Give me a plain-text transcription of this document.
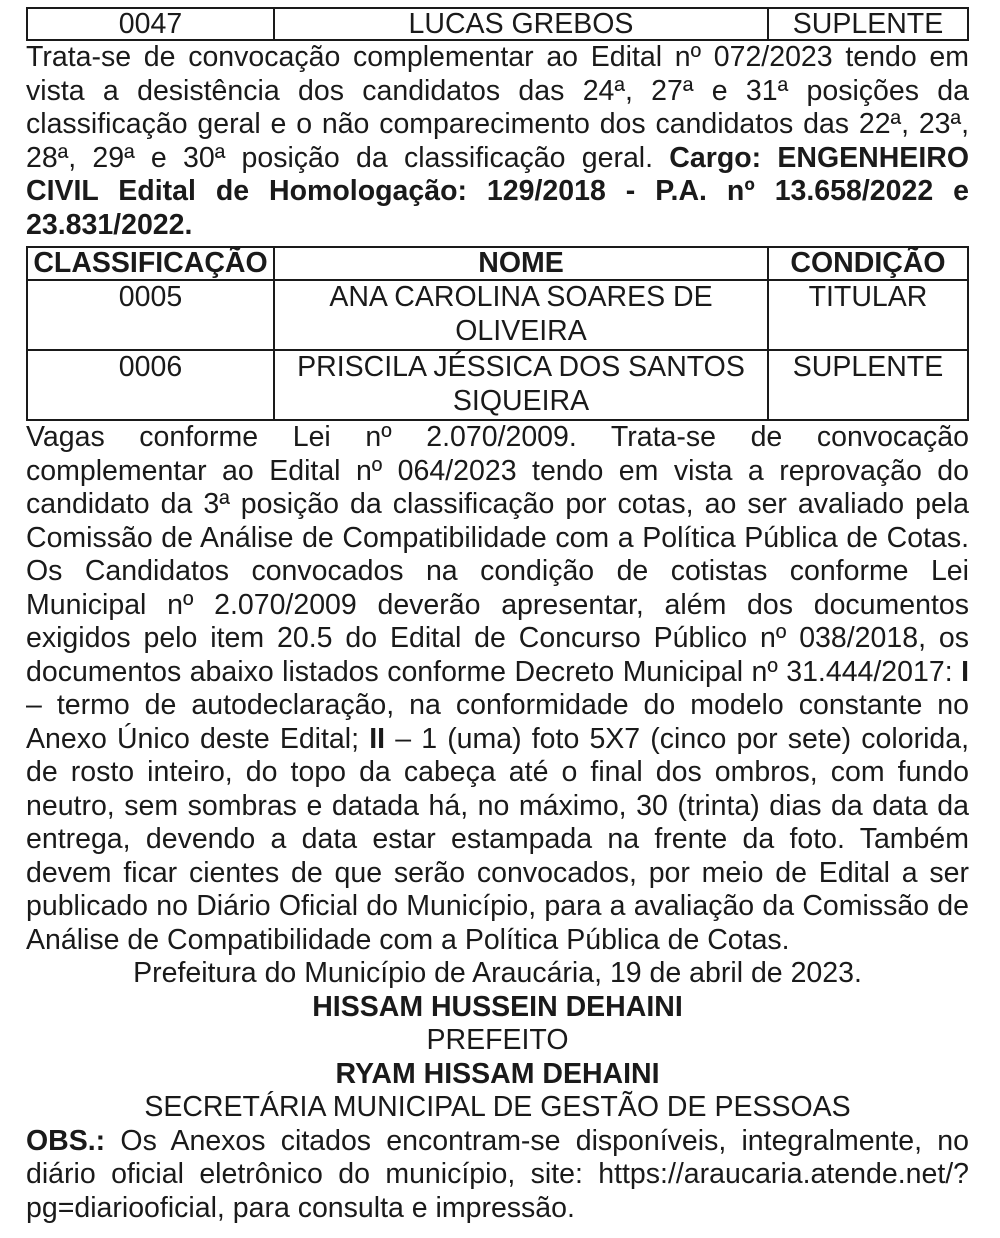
0047	LUCAS GREBOS	SUPLENTE

Trata-se de convocação complementar ao Edital nº 072/2023 tendo em vista a desistência dos candidatos das 24ª, 27ª e 31ª posições da classificação geral e o não comparecimento dos candidatos das 22ª, 23ª, 28ª, 29ª e 30ª posição da classificação geral. Cargo: ENGENHEIRO CIVIL Edital de Homologação: 129/2018 - P.A. nº 13.658/2022 e 23.831/2022.

CLASSIFICAÇÃO	NOME	CONDIÇÃO
0005	ANA CAROLINA SOARES DE OLIVEIRA	TITULAR
0006	PRISCILA JÉSSICA DOS SANTOS SIQUEIRA	SUPLENTE

Vagas conforme Lei nº 2.070/2009. Trata-se de convocação complementar ao Edital nº 064/2023 tendo em vista a reprovação do candidato da 3ª posição da classificação por cotas, ao ser avaliado pela Comissão de Análise de Compatibilidade com a Política Pública de Cotas. Os Candidatos convocados na condição de cotistas conforme Lei Municipal nº 2.070/2009 deverão apresentar, além dos documentos exigidos pelo item 20.5 do Edital de Concurso Público nº 038/2018, os documentos abaixo listados conforme Decreto Municipal nº 31.444/2017: I – termo de autodeclaração, na conformidade do modelo constante no Anexo Único deste Edital; II – 1 (uma) foto 5X7 (cinco por sete) colorida, de rosto inteiro, do topo da cabeça até o final dos ombros, com fundo neutro, sem sombras e datada há, no máximo, 30 (trinta) dias da data da entrega, devendo a data estar estampada na frente da foto. Também devem ficar cientes de que serão convocados, por meio de Edital a ser publicado no Diário Oficial do Município, para a avaliação da Comissão de Análise de Compatibilidade com a Política Pública de Cotas.

Prefeitura do Município de Araucária, 19 de abril de 2023.

HISSAM HUSSEIN DEHAINI

PREFEITO

RYAM HISSAM DEHAINI

SECRETÁRIA MUNICIPAL DE GESTÃO DE PESSOAS

OBS.: Os Anexos citados encontram-se disponíveis, integralmente, no diário oficial eletrônico do município, site: https://araucaria.atende.net/?pg=diariooficial, para consulta e impressão.
